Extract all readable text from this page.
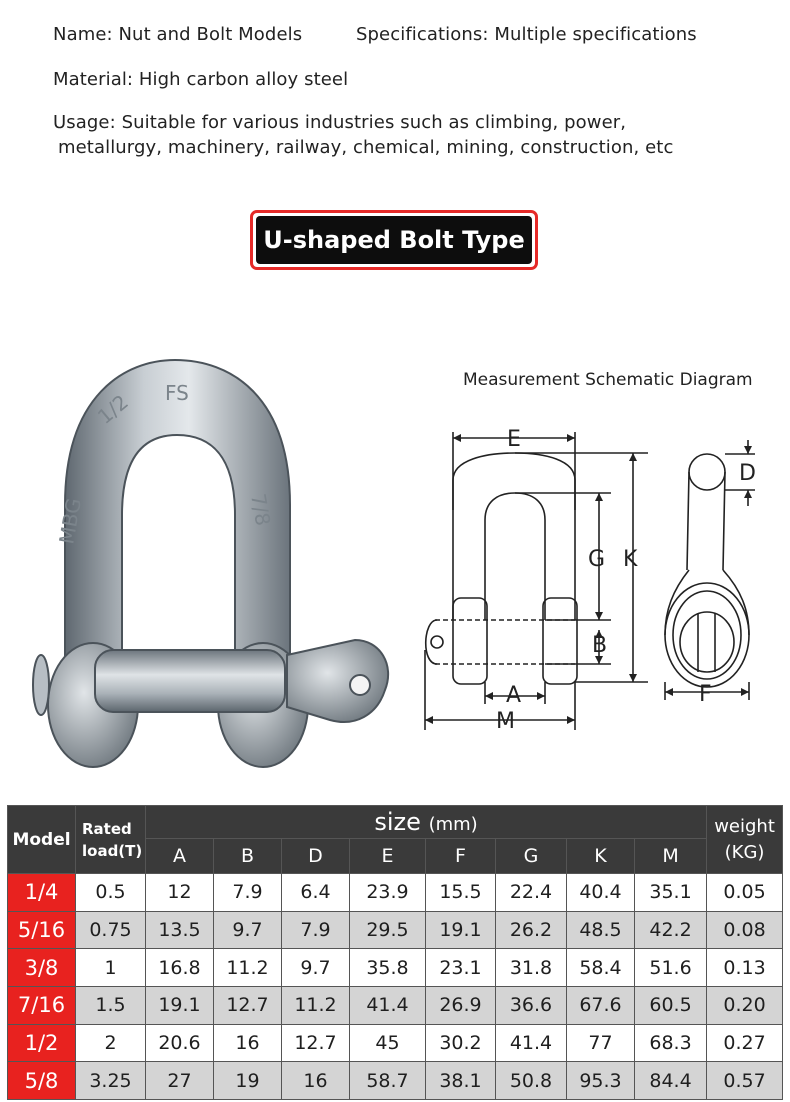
Name: Nut and Bolt Models	Specifications: Multiple specifications
Material: High carbon alloy steel
Usage: Suitable for various industries such as climbing, power,
metallurgy, machinery, railway, chemical, mining, construction, etc
U-shaped Bolt Type
MBG
1/2 FS
7/8
Measurement Schematic Diagram
E
G K
B
A
M
D
F
Model	Rated
load(T)	size (mm)								weight
(KG)
		A	B	D	E	F	G	K	M	
1/4	0.5	12	7.9	6.4	23.9	15.5	22.4	40.4	35.1	0.05
5/16	0.75	13.5	9.7	7.9	29.5	19.1	26.2	48.5	42.2	0.08
3/8	1	16.8	11.2	9.7	35.8	23.1	31.8	58.4	51.6	0.13
7/16	1.5	19.1	12.7	11.2	41.4	26.9	36.6	67.6	60.5	0.20
1/2	2	20.6	16	12.7	45	30.2	41.4	77	68.3	0.27
5/8	3.25	27	19	16	58.7	38.1	50.8	95.3	84.4	0.57
